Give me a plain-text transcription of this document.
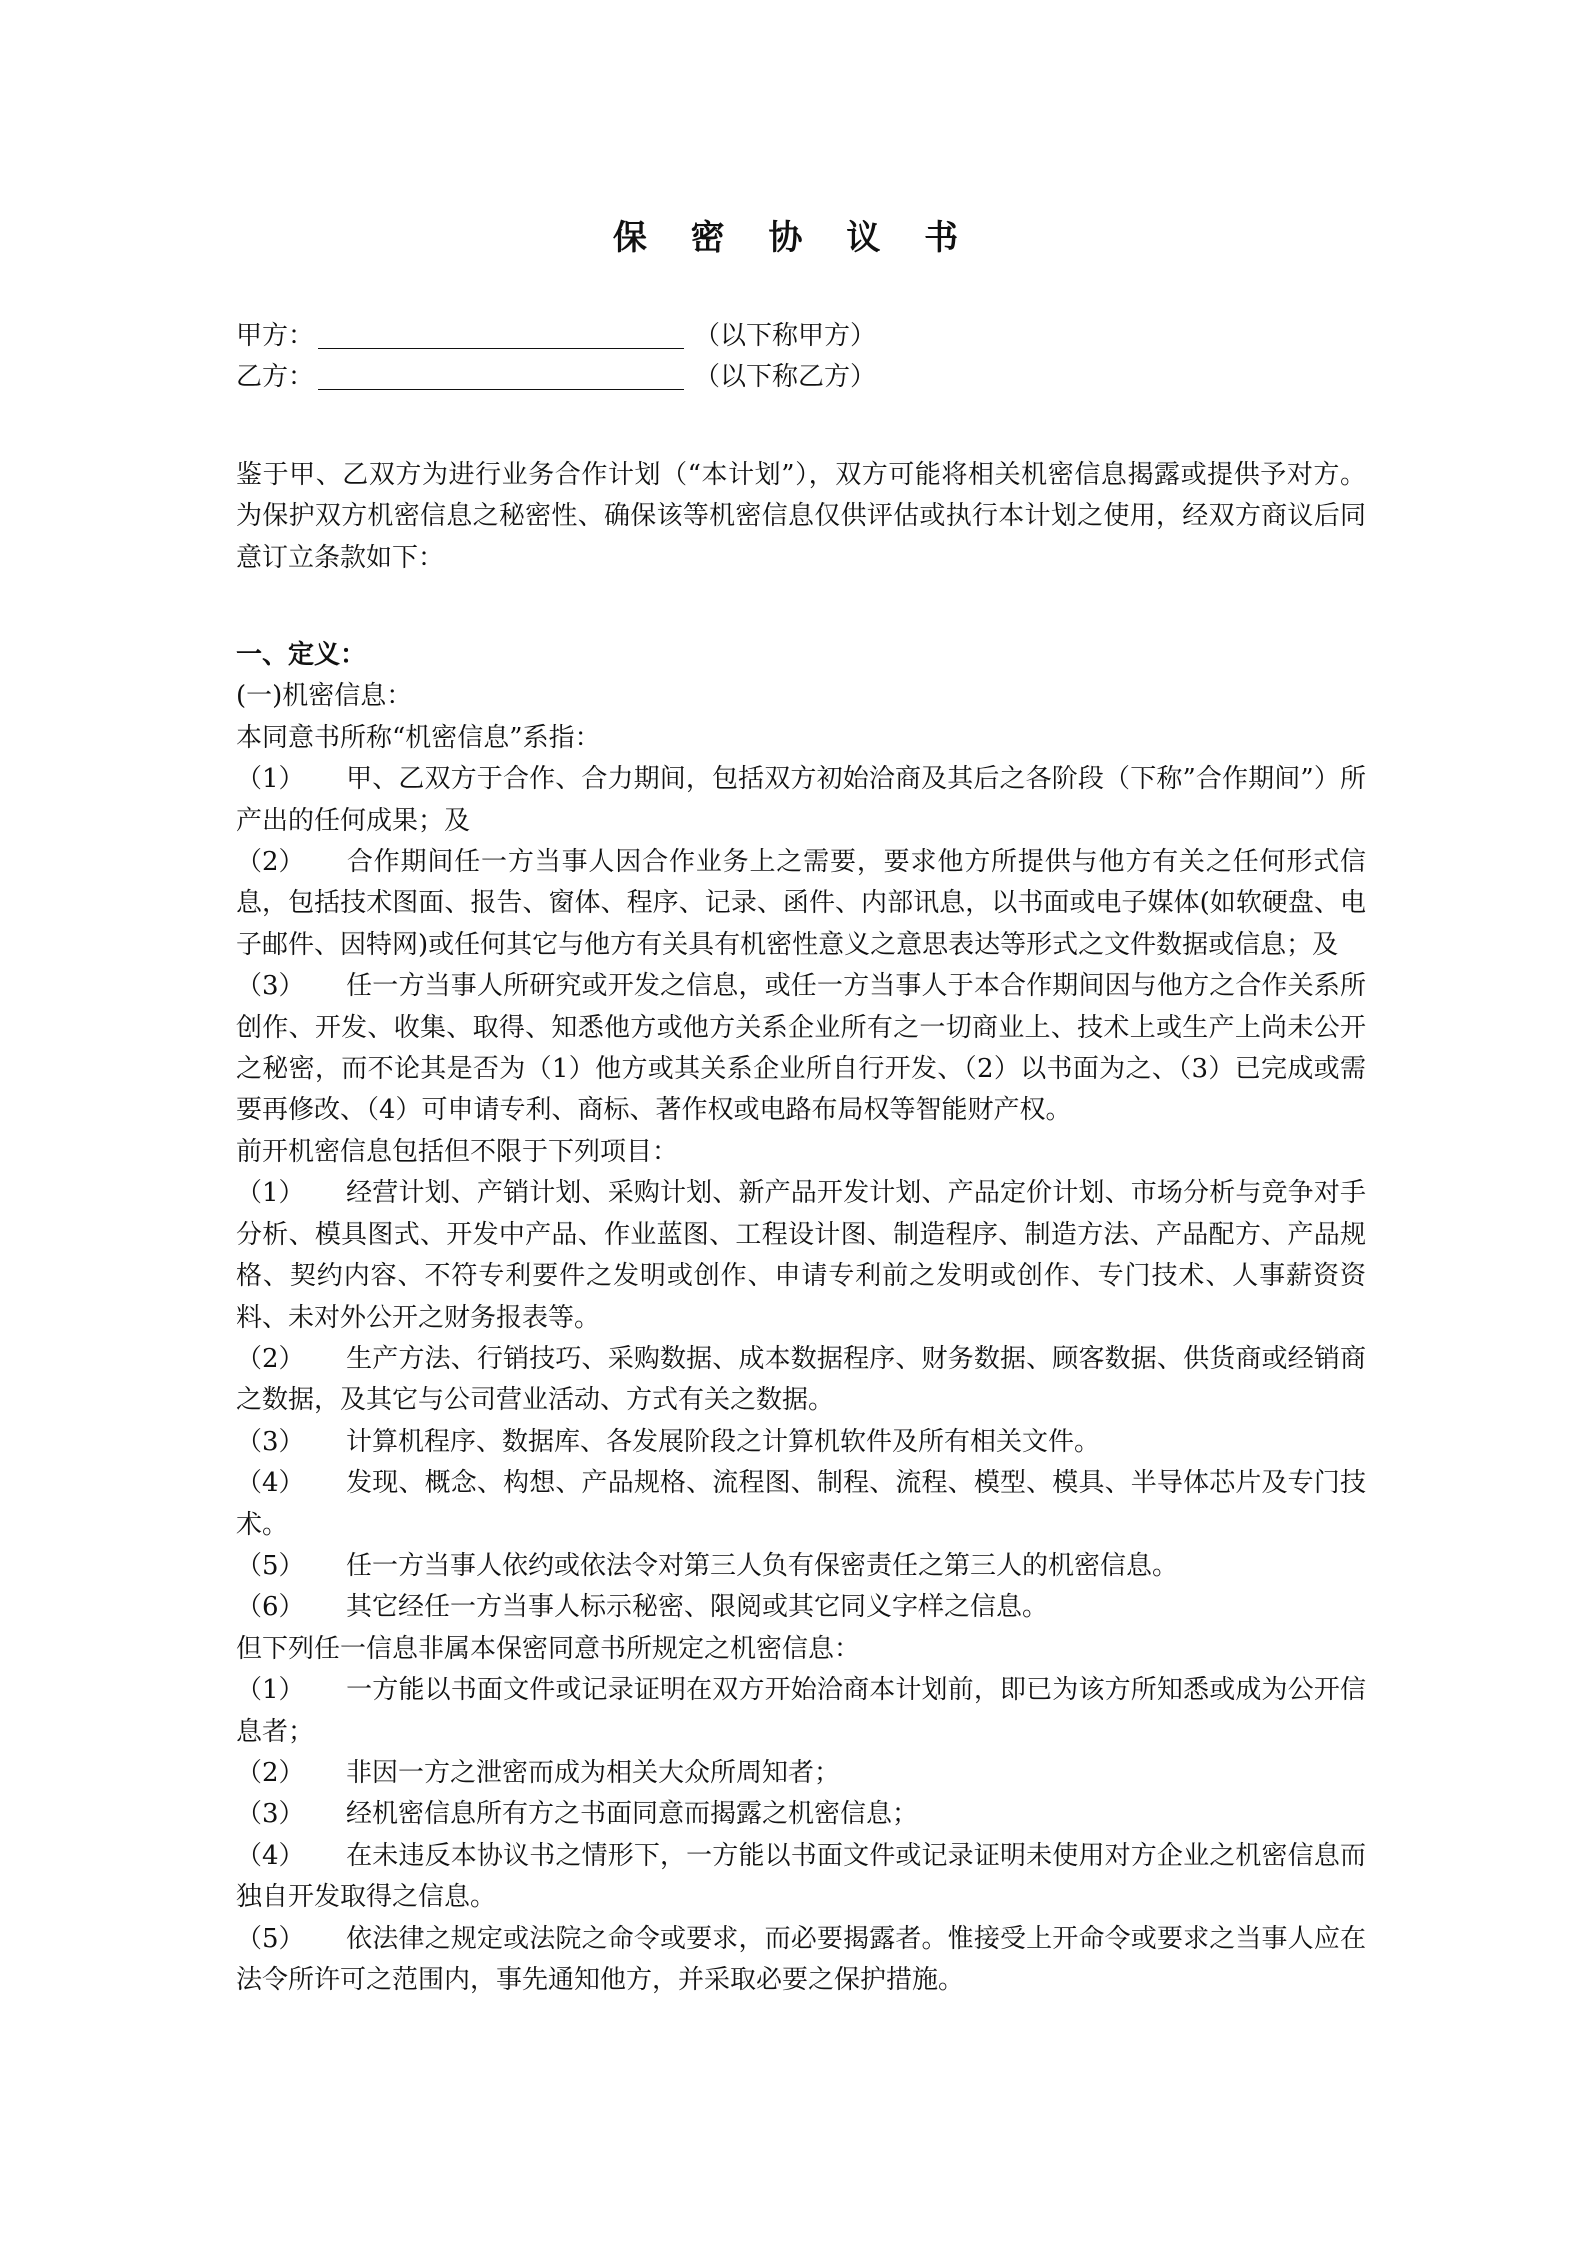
保 密 协 议 书
甲方：	（以下称甲方）
乙方：	（以下称乙方）
鉴于甲、乙双方为进行业务合作计划（“本计划”），双方可能将相关机密信息揭露或提供予对方。为保护双方机密信息之秘密性、确保该等机密信息仅供评估或执行本计划之使用，经双方商议后同意订立条款如下：
一、定义：
(一)机密信息：
本同意书所称“机密信息”系指：
（1） 甲、乙双方于合作、合力期间，包括双方初始洽商及其后之各阶段（下称”合作期间”）所产出的任何成果；及
（2） 合作期间任一方当事人因合作业务上之需要，要求他方所提供与他方有关之任何形式信息，包括技术图面、报告、窗体、程序、记录、函件、内部讯息，以书面或电子媒体(如软硬盘、电子邮件、因特网)或任何其它与他方有关具有机密性意义之意思表达等形式之文件数据或信息；及
（3） 任一方当事人所研究或开发之信息，或任一方当事人于本合作期间因与他方之合作关系所创作、开发、收集、取得、知悉他方或他方关系企业所有之一切商业上、技术上或生产上尚未公开之秘密，而不论其是否为（1）他方或其关系企业所自行开发、（2）以书面为之、（3）已完成或需要再修改、（4）可申请专利、商标、著作权或电路布局权等智能财产权。
前开机密信息包括但不限于下列项目：
（1） 经营计划、产销计划、采购计划、新产品开发计划、产品定价计划、市场分析与竞争对手分析、模具图式、开发中产品、作业蓝图、工程设计图、制造程序、制造方法、产品配方、产品规格、契约内容、不符专利要件之发明或创作、申请专利前之发明或创作、专门技术、人事薪资资料、未对外公开之财务报表等。
（2） 生产方法、行销技巧、采购数据、成本数据程序、财务数据、顾客数据、供货商或经销商之数据，及其它与公司营业活动、方式有关之数据。
（3） 计算机程序、数据库、各发展阶段之计算机软件及所有相关文件。
（4） 发现、概念、构想、产品规格、流程图、制程、流程、模型、模具、半导体芯片及专门技术。
（5） 任一方当事人依约或依法令对第三人负有保密责任之第三人的机密信息。
（6） 其它经任一方当事人标示秘密、限阅或其它同义字样之信息。
但下列任一信息非属本保密同意书所规定之机密信息：
（1） 一方能以书面文件或记录证明在双方开始洽商本计划前，即已为该方所知悉或成为公开信息者；
（2） 非因一方之泄密而成为相关大众所周知者；
（3） 经机密信息所有方之书面同意而揭露之机密信息；
（4） 在未违反本协议书之情形下，一方能以书面文件或记录证明未使用对方企业之机密信息而独自开发取得之信息。
（5） 依法律之规定或法院之命令或要求，而必要揭露者。惟接受上开命令或要求之当事人应在法令所许可之范围内，事先通知他方，并采取必要之保护措施。
